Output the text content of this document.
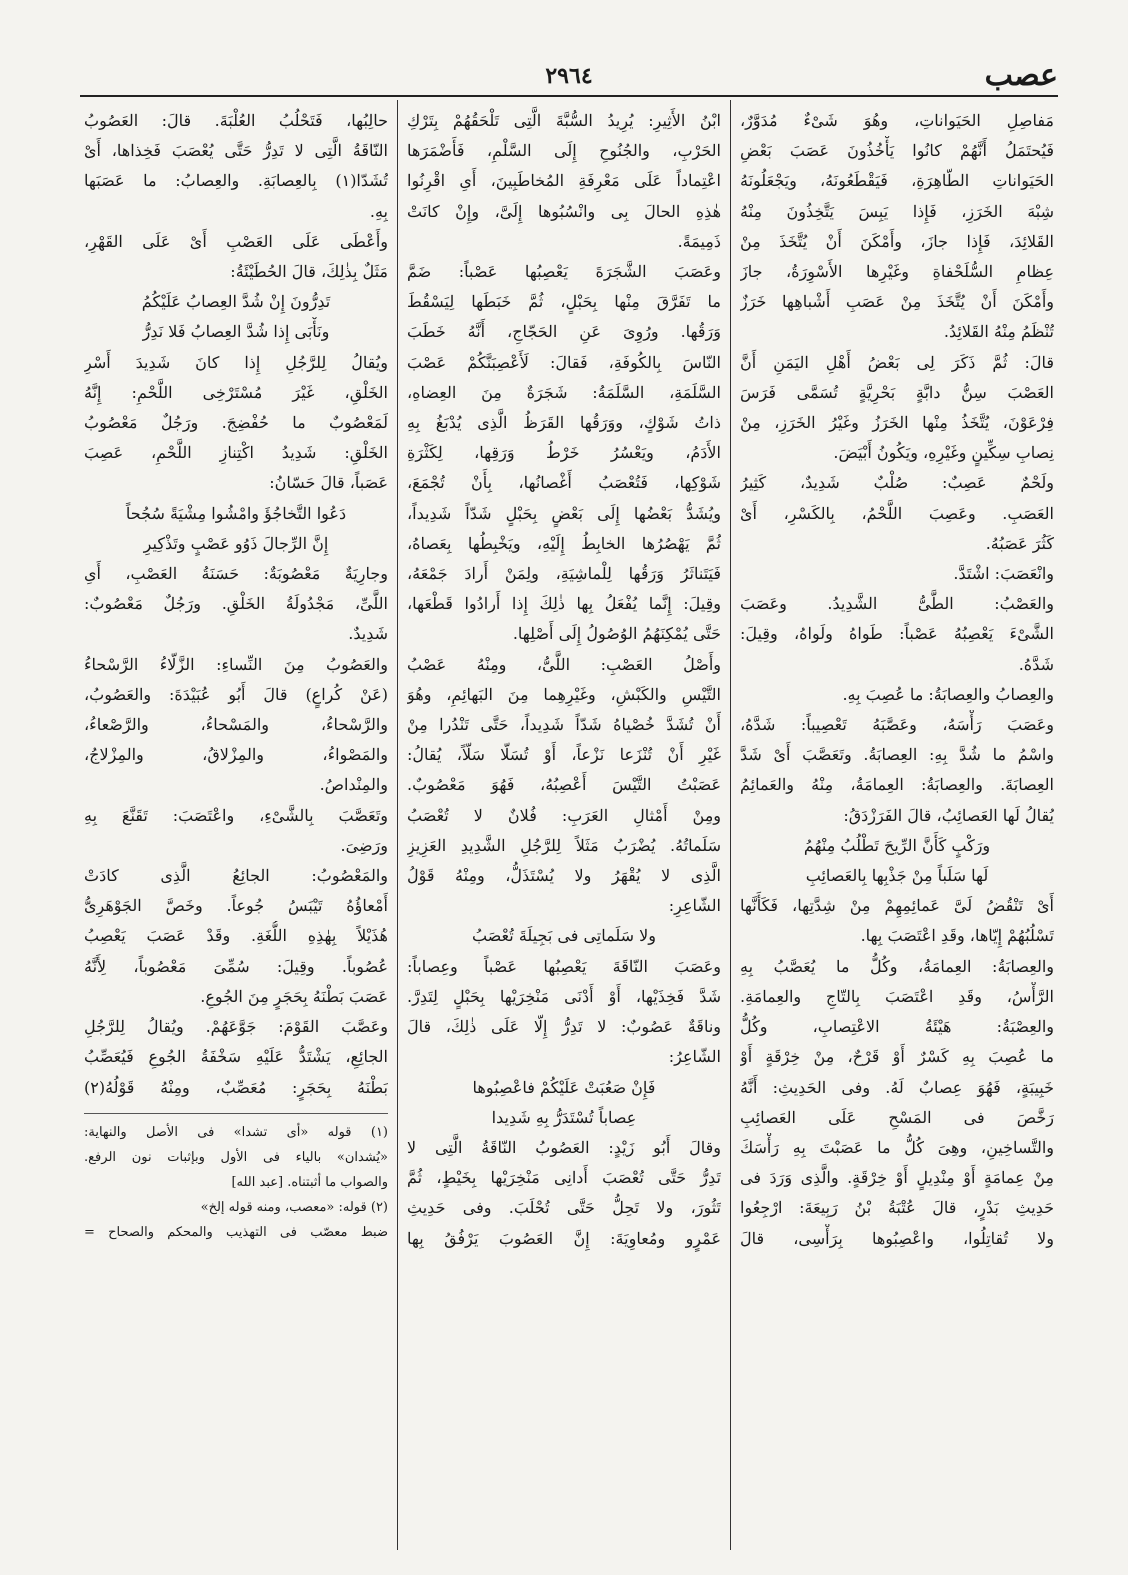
عصب
٢٩٦٤
مَفاصِلِ الحَيَواناتِ، وهُوَ شَىْءٌ مُدَوَّرٌ،
فَيُحتَمَلُ أَنَّهُمْ كانُوا يَأْخُذُونَ عَصَبَ بَعْضِ
الحَيَواناتِ الطّاهِرَةِ، فَيَقْطَعُونَهُ، ويَجْعَلُونَهُ
شِبْهَ الخَرَزِ، فَإِذا يَبِسَ يَتَّخِذُونَ مِنْهُ
القَلائِدَ، فَإِذا جازَ، وأَمْكَنَ أَنْ يُتَّخَذَ مِنْ
عِظامِ السُّلَحْفاةِ وغَيْرِها الأَسْوِرَةُ، جازَ
وأَمْكَنَ أَنْ يُتَّخَذَ مِنْ عَصَبِ أَشْباهِها خَرَزٌ
تُنْظَمُ مِنْهُ القَلائِدُ.
قالَ: ثُمَّ ذَكَرَ لِى بَعْضُ أَهْلِ اليَمَنِ أَنَّ
العَصْبَ سِنُّ دابَّةٍ بَحْرِيَّةٍ تُسَمَّى فَرَسَ
فِرْعَوْنَ، يُتَّخَذُ مِنْها الخَرَزُ وغَيْرُ الخَرَزِ، مِنْ
نِصابِ سِكِّينٍ وغَيْرِهِ، ويَكُونُ أَبْيَضَ.
ولَحْمٌ عَصِبٌ: صُلْبٌ شَدِيدٌ، كَثِيرُ
العَصَبِ. وعَصِبَ اللَّحْمُ، بِالكَسْرِ، أَىْ
كَثُرَ عَصَبُهُ.
وانْعَصَبَ: اشْتَدَّ.
والعَصْبُ: الطَّىُّ الشَّدِيدُ. وعَصَبَ
الشَّىْءَ يَعْصِبُهُ عَصْباً: طَواهُ ولَواهُ، وقِيلَ:
شَدَّهُ.
والعِصابُ والعِصابَةُ: ما عُصِبَ بِهِ.
وعَصَبَ رَأْسَهُ، وعَصَّبَهُ تَعْصِيباً: شَدَّهُ،
واسْمُ ما شُدَّ بِهِ: العِصابَةُ. وتَعَصَّبَ أَىْ شَدَّ
العِصابَةَ. والعِصابَةُ: العِمامَةُ، مِنْهُ والعَمائِمُ
يُقالُ لَها العَصائِبُ، قالَ الفَرَزْدَقُ:
ورَكْبٍ كَأَنَّ الرِّيحَ تَطْلُبُ مِنْهُمُ
لَها سَلَباً مِنْ جَذْبِها بِالعَصائِبِ
أَىْ تَنْقُضُ لَىَّ عَمائِمِهِمْ مِنْ شِدَّتِها، فَكَأَنَّها
تَسْلُبُهُمْ إِيّاها، وقَدِ اعْتَصَبَ بِها.
والعِصابَةُ: العِمامَةُ، وكُلُّ ما يُعَصَّبُ بِهِ
الرَّأْسُ، وقَدِ اعْتَصَبَ بِالتّاجِ والعِمامَةِ.
والعِصْبَةُ: هَيْئَةُ الاعْتِصابِ، وكُلُّ
ما عُصِبَ بِهِ كَسْرٌ أَوْ قَرْحٌ، مِنْ خِرْقَةٍ أَوْ
خَبِيبَةٍ، فَهُوَ عِصابٌ لَهُ. وفى الحَدِيثِ: أَنَّهُ
رَخَّصَ فى المَسْحِ عَلَى العَصائِبِ
والتَّساخِينِ، وهِىَ كُلُّ ما عَصَبْتَ بِهِ رَأْسَكَ
مِنْ عِمامَةٍ أَوْ مِنْدِيلٍ أَوْ خِرْقَةٍ. والَّذِى وَرَدَ فى
حَدِيثِ بَدْرٍ، قالَ عُتْبَةُ بْنُ رَبِيعَةَ: ارْجِعُوا
ولا تُقاتِلُوا، واعْصِبُوها بِرَأْسِى، قالَ
ابْنُ الأَثِيرِ: يُرِيدُ السُّبَّةَ الَّتِى تَلْحَقُهُمْ بِتَرْكِ
الحَرْبِ، والجُنُوحِ إِلَى السَّلْمِ، فَأَضْمَرَها
اعْتِماداً عَلَى مَعْرِفَةِ المُخاطَبِينَ، أَىِ اقْرِنُوا
هٰذِهِ الحالَ بِى وانْسُبُوها إِلَىَّ، وإِنْ كانَتْ
ذَمِيمَةً.
وعَصَبَ الشَّجَرَةَ يَعْصِبُها عَصْباً: ضَمَّ
ما تَفَرَّقَ مِنْها بِحَبْلٍ، ثُمَّ خَبَطَها لِيَسْقُطَ
وَرَقُها. ورُوِىَ عَنِ الحَجّاجِ، أَنَّهُ خَطَبَ
النّاسَ بِالكُوفَةِ، فَقالَ: لَأَعْصِبَنَّكُمْ عَصْبَ
السَّلَمَةِ، السَّلَمَةُ: شَجَرَةٌ مِنَ العِضاهِ،
ذاتُ شَوْكٍ، ووَرَقُها القَرَظُ الَّذِى يُدْبَغُ بِهِ
الأَدَمُ، ويَعْسُرُ خَرْطُ وَرَقِها، لِكَثْرَةِ
شَوْكِها، فَتُعْصَبُ أَغْصانُها، بِأَنْ تُجْمَعَ،
ويُشَدُّ بَعْضُها إِلَى بَعْضٍ بِحَبْلٍ شَدّاً شَدِيداً،
ثُمَّ يَهْصُرُها الخابِطُ إِلَيْهِ، ويَخْبِطُها بِعَصاهُ،
فَيَتَناثَرُ وَرَقُها لِلْماشِيَةِ، ولِمَنْ أَرادَ جَمْعَهُ،
وقِيلَ: إِنَّما يُفْعَلُ بِها ذٰلِكَ إِذا أَرادُوا قَطْعَها،
حَتَّى يُمْكِنَهُمُ الوُصُولُ إِلَى أَصْلِها.
وأَصْلُ العَصْبِ: اللَّىُّ، ومِنْهُ عَصْبُ
التَّيْسِ والكَبْشِ، وغَيْرِهِما مِنَ البَهائِمِ، وهُوَ
أَنْ تُشَدَّ خُصْياهُ شَدّاً شَدِيداً، حَتَّى تَنْدُرا مِنْ
غَيْرِ أَنْ تُنْزَعا نَزْعاً، أَوْ تُسَلّا سَلّاً، يُقالُ:
عَصَبْتُ التَّيْسَ أَعْصِبُهُ، فَهُوَ مَعْصُوبٌ.
ومِنْ أَمْثالِ العَرَبِ: فُلانٌ لا تُعْصَبُ
سَلَماتُهُ. يُضْرَبُ مَثَلاً لِلرَّجُلِ الشَّدِيدِ العَزِيزِ
الَّذِى لا يُقْهَرُ ولا يُسْتَذَلُّ، ومِنْهُ قَوْلُ
الشّاعِرِ:
ولا سَلَماتِى فى بَجِيلَةَ تُعْصَبُ
وعَصَبَ النّاقَةَ يَعْصِبُها عَصْباً وعِصاباً:
شَدَّ فَخِذَيْها، أَوْ أَدْنَى مَنْخِرَيْها بِحَبْلٍ لِتَدِرَّ.
وناقَةٌ عَصُوبٌ: لا تَدِرُّ إِلّا عَلَى ذٰلِكَ، قالَ
الشّاعِرُ:
فَإِنْ صَعُبَتْ عَلَيْكُمْ فاعْصِبُوها
عِصاباً تُسْتَدَرُّ بِهِ شَدِيدا
وقالَ أَبُو زَيْدٍ: العَصُوبُ النّاقَةُ الَّتِى لا
تَدِرُّ حَتَّى تُعْصَبَ أَدانِى مَنْخِرَيْها بِخَيْطٍ، ثُمَّ
تَثُورَ، ولا تَحِلُّ حَتَّى تُحْلَبَ. وفى حَدِيثِ
عَمْرٍو ومُعاوِيَةَ: إِنَّ العَصُوبَ يَرْفُقُ بِها
حالِبُها، فَتَحْلُبُ العُلْبَةَ. قالَ: العَصُوبُ
النّاقَةُ الَّتِى لا تَدِرُّ حَتَّى يُعْصَبَ فَخِذاها، أَىْ
تُشَدّا(١) بِالعِصابَةِ. والعِصابُ: ما عَصَبَها
بِهِ.
وأَعْطَى عَلَى العَصْبِ أَىْ عَلَى القَهْرِ،
مَثَلٌ بِذٰلِكَ، قالَ الحُطَيْئَةُ:
تَدِرُّونَ إِنْ شُدَّ العِصابُ عَلَيْكُمُ
ونَأْبَى إِذا شُدَّ العِصابُ فَلا نَدِرُّ
ويُقالُ لِلرَّجُلِ إِذا كانَ شَدِيدَ أَسْرِ
الخَلْقِ، غَيْرَ مُسْتَرْخِى اللَّحْمِ: إِنَّهُ
لَمَعْصُوبٌ ما حُفْضِجَ. ورَجُلٌ مَعْصُوبُ
الخَلْقِ: شَدِيدُ اكْتِنازِ اللَّحْمِ، عَصِبَ
عَصَباً، قالَ حَسّانُ:
دَعُوا التَّخاجُؤَ وامْشُوا مِشْيَةً سُجُحاً
إِنَّ الرِّجالَ ذَوُو عَصْبٍ وتَذْكِيرِ
وجارِيَةٌ مَعْصُوبَةٌ: حَسَنَةُ العَصْبِ، أَىِ
اللَّىِّ، مَجْدُولَةُ الخَلْقِ. ورَجُلٌ مَعْصُوبٌ:
شَدِيدٌ.
والعَصُوبُ مِنَ النِّساءِ: الزَّلّاءُ الرَّسْحاءُ
(عَنْ كُراعٍ) قالَ أَبُو عُبَيْدَةَ: والعَصُوبُ،
والرَّسْحاءُ، والمَسْحاءُ، والرَّصْعاءُ،
والمَصْواءُ، والمِزْلاقُ، والمِزْلاجُ،
والمِنْداصُ.
وتَعَصَّبَ بِالشَّىْءِ، واعْتَصَبَ: تَقَنَّعَ بِهِ
ورَضِىَ.
والمَعْصُوبُ: الجائِعُ الَّذِى كادَتْ
أَمْعاؤُهُ تَيْبَسُ جُوعاً. وخَصَّ الجَوْهَرِىُّ
هُذَيْلاً بِهٰذِهِ اللُّغَةِ. وقَدْ عَصَبَ يَعْصِبُ
عُصُوباً. وقِيلَ: سُمِّىَ مَعْصُوباً، لِأَنَّهُ
عَصَبَ بَطْنَهُ بِحَجَرٍ مِنَ الجُوعِ.
وعَصَّبَ القَوْمَ: جَوَّعَهُمْ. ويُقالُ لِلرَّجُلِ
الجائِعِ، يَشْتَدُّ عَلَيْهِ سَخْفَةُ الجُوعِ فَيُعَصِّبُ
بَطْنَهُ بِحَجَرٍ: مُعَصِّبٌ، ومِنْهُ قَوْلُهُ(٢)
(١) قوله «أى تشدا» فى الأصل والنهاية:
«يُشدان» بالياء فى الأول وبإثبات نون الرفع.
والصواب ما أثبتناه. [عبد الله]
(٢) قوله: «معصب، ومنه قوله إلخ»
ضبط معصّب فى التهذيب والمحكم والصحاح =
